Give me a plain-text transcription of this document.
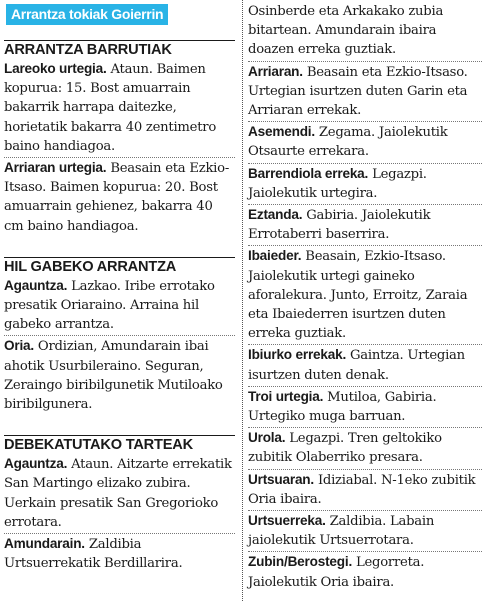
Arrantza tokiak Goierrin
ARRANTZA BARRUTIAK
Lareoko urtegia. Ataun. Baimen kopurua: 15. Bost amuarrain bakarrik harrapa daitezke, horietatik bakarra 40 zentimetro baino handiagoa.
Arriaran urtegia. Beasain eta Ezkio-Itsaso. Baimen kopurua: 20. Bost amuarrain gehienez, bakarra 40 cm baino handiagoa.
HIL GABEKO ARRANTZA
Agauntza. Lazkao. Iribe errotako presatik Oriaraino. Arraina hil gabeko arrantza.
Oria. Ordizian, Amundarain ibai ahotik Usurbileraino. Seguran, Zeraingo biribilgunetik Mutiloako biribilgunera.
DEBEKATUTAKO TARTEAK
Agauntza. Ataun. Aitzarte errekatik San Martingo elizako zubira. Uerkain presatik San Gregorioko errotara.
Amundarain. Zaldibia Urtsuerrekatik Berdillarira.
Osinberde eta Arkakako zubia bitartean. Amundarain ibaira doazen erreka guztiak.
Arriaran. Beasain eta Ezkio-Itsaso. Urtegian isurtzen duten Garin eta Arriaran errekak.
Asemendi. Zegama. Jaiolekutik Otsaurte errekara.
Barrendiola erreka. Legazpi. Jaiolekutik urtegira.
Eztanda. Gabiria. Jaiolekutik Errotaberri baserrira.
Ibaieder. Beasain, Ezkio-Itsaso. Jaiolekutik urtegi gaineko aforalekura. Junto, Erroitz, Zaraia eta Ibaiederren isurtzen duten erreka guztiak.
Ibiurko errekak. Gaintza. Urtegian isurtzen duten denak.
Troi urtegia. Mutiloa, Gabiria. Urtegiko muga barruan.
Urola. Legazpi. Tren geltokiko zubitik Olaberriko presara.
Urtsuaran. Idiziabal. N-1eko zubitik Oria ibaira.
Urtsuerreka. Zaldibia. Labain jaiolekutik Urtsuerrotara.
Zubin/Berostegi. Legorreta. Jaiolekutik Oria ibaira.
